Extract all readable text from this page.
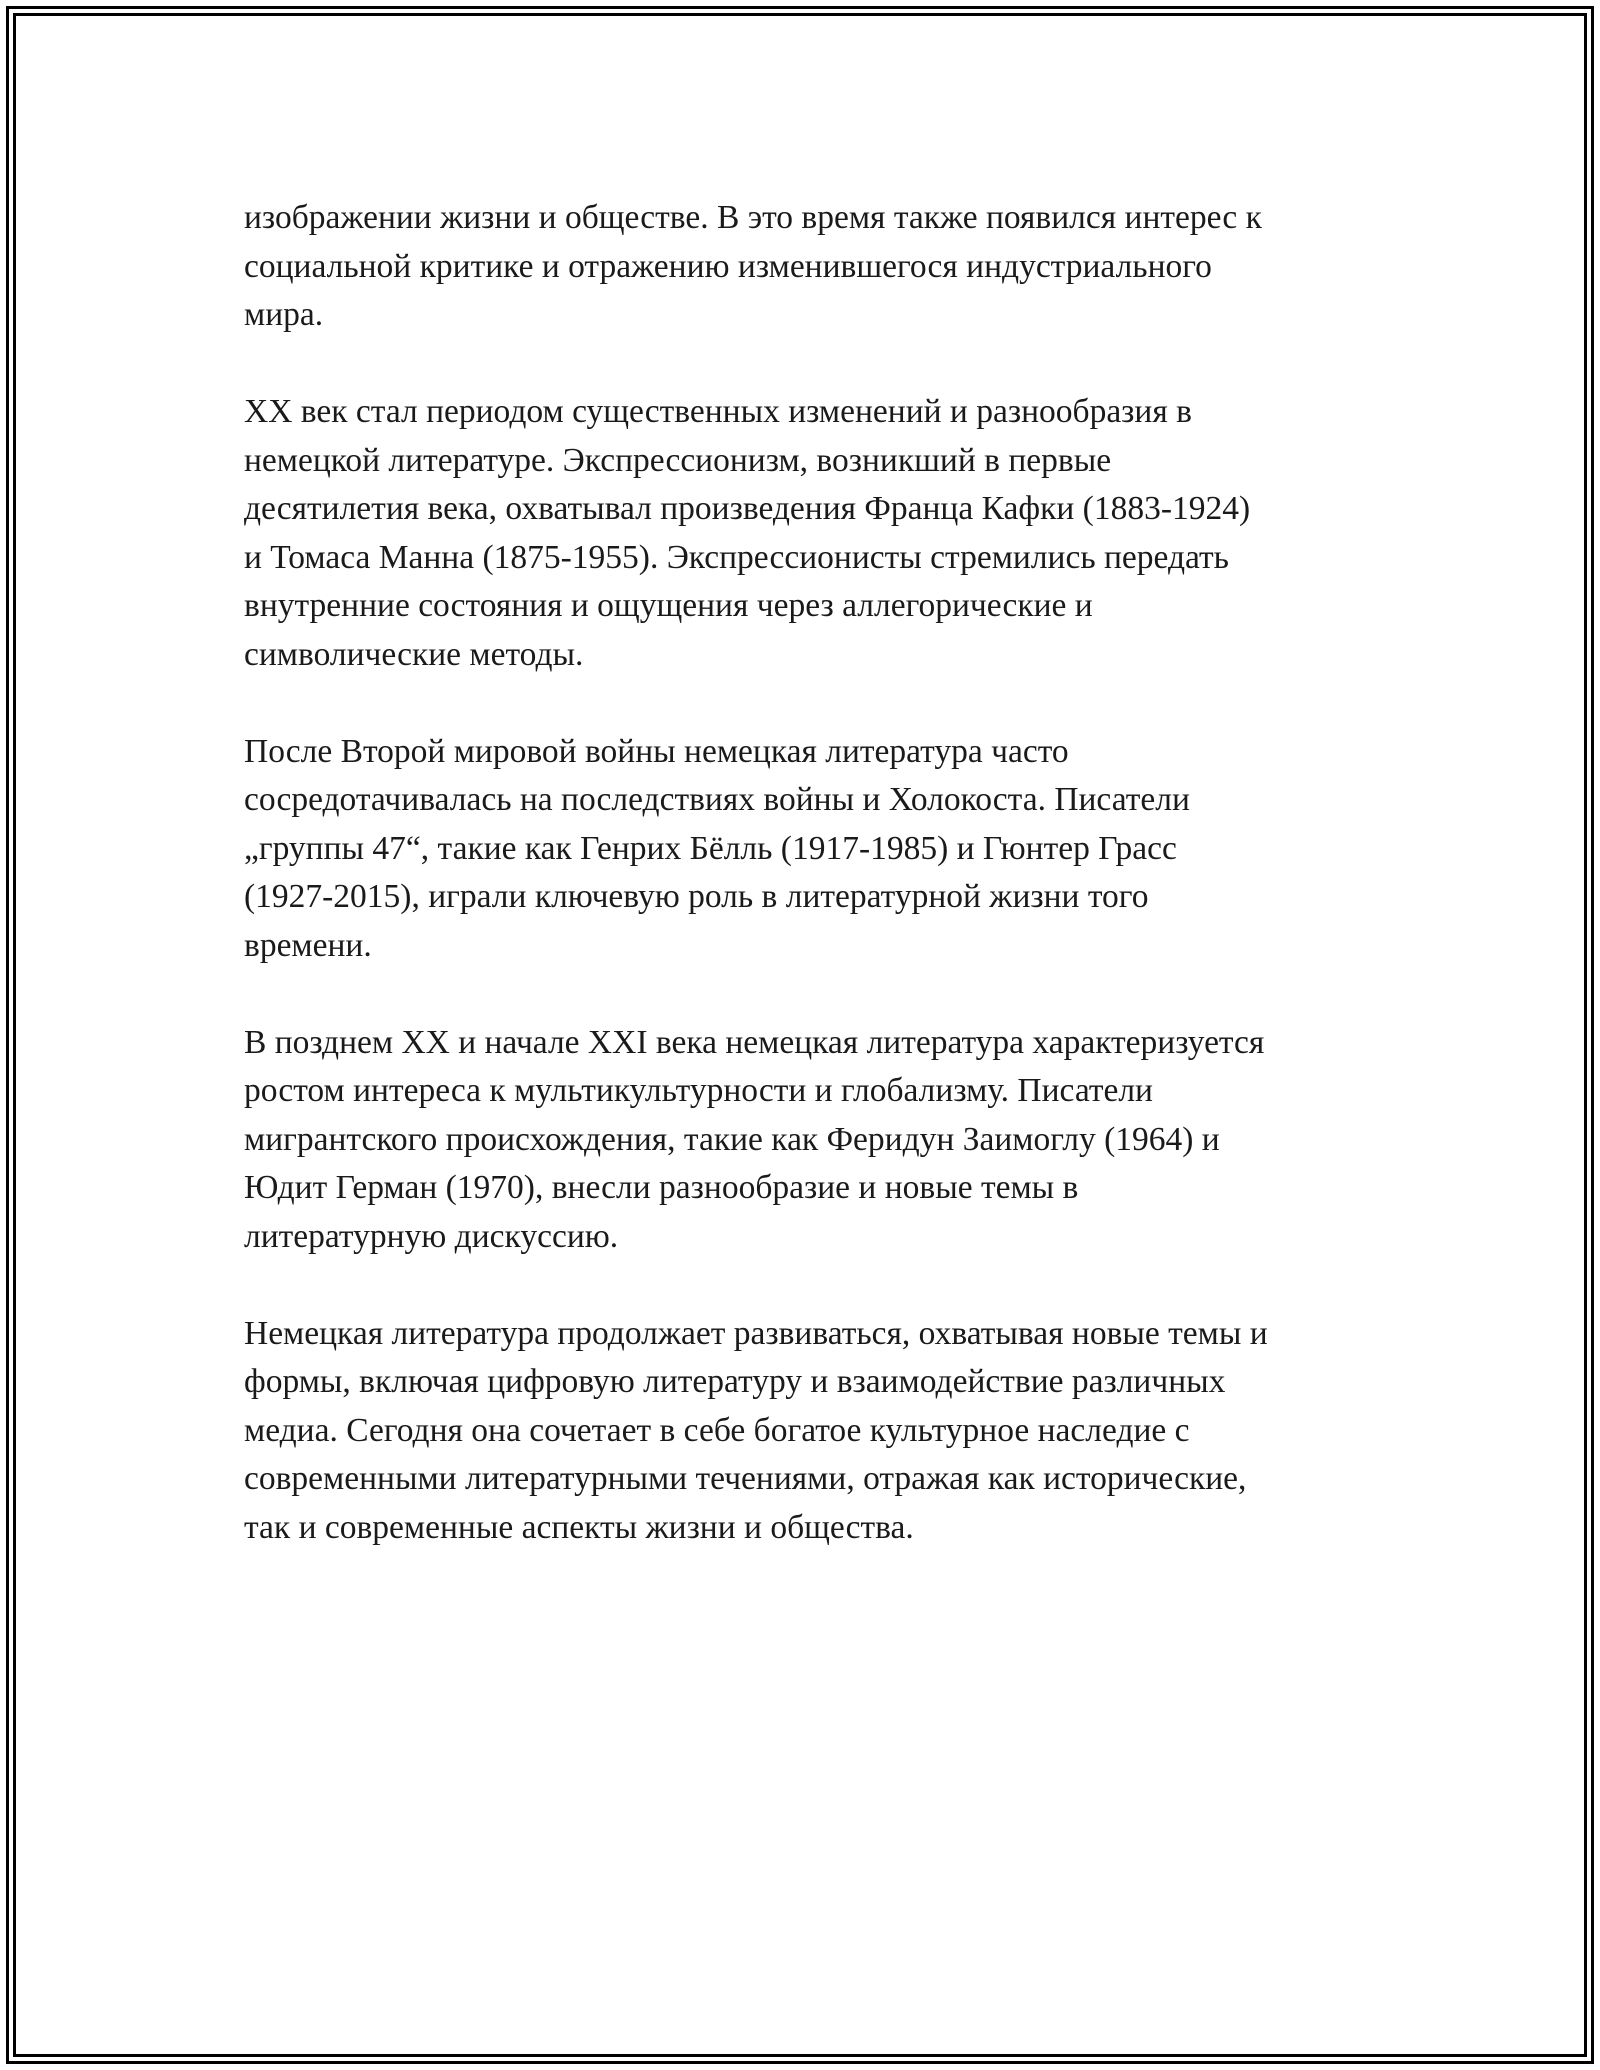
изображении жизни и обществе. В это время также появился интерес к
социальной критике и отражению изменившегося индустриального
мира.

XX век стал периодом существенных изменений и разнообразия в
немецкой литературе. Экспрессионизм, возникший в первые
десятилетия века, охватывал произведения Франца Кафки (1883-1924)
и Томаса Манна (1875-1955). Экспрессионисты стремились передать
внутренние состояния и ощущения через аллегорические и
символические методы.

После Второй мировой войны немецкая литература часто
сосредотачивалась на последствиях войны и Холокоста. Писатели
„группы 47“, такие как Генрих Бёлль (1917-1985) и Гюнтер Грасс
(1927-2015), играли ключевую роль в литературной жизни того
времени.

В позднем XX и начале XXI века немецкая литература характеризуется
ростом интереса к мультикультурности и глобализму. Писатели
мигрантского происхождения, такие как Феридун Заимоглу (1964) и
Юдит Герман (1970), внесли разнообразие и новые темы в
литературную дискуссию.

Немецкая литература продолжает развиваться, охватывая новые темы и
формы, включая цифровую литературу и взаимодействие различных
медиа. Сегодня она сочетает в себе богатое культурное наследие с
современными литературными течениями, отражая как исторические,
так и современные аспекты жизни и общества.
